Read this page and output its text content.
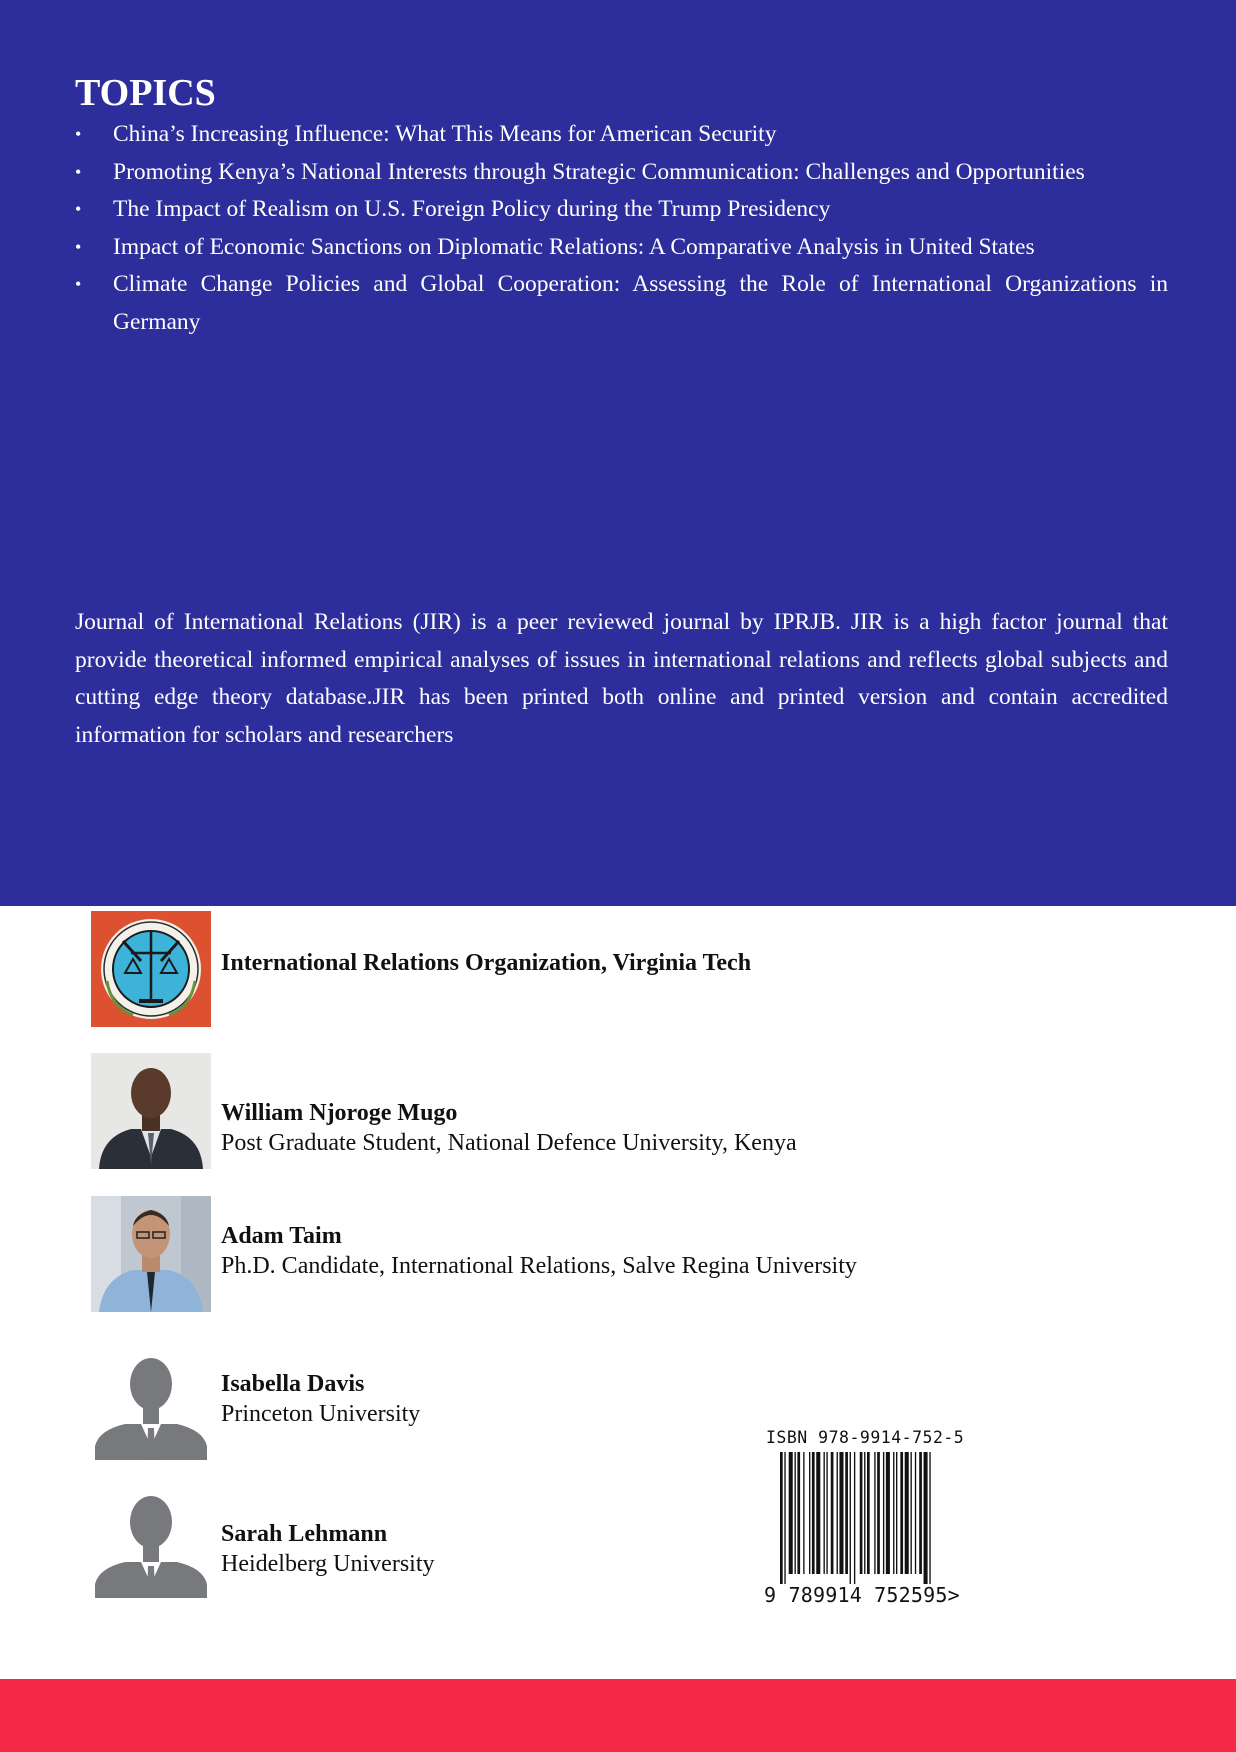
TOPICS
• China’s Increasing Influence: What This Means for American Security
• Promoting Kenya’s National Interests through Strategic Communication: Challenges and Opportunities
• The Impact of Realism on U.S. Foreign Policy during the Trump Presidency
• Impact of Economic Sanctions on Diplomatic Relations: A Comparative Analysis in United States
• Climate Change Policies and Global Cooperation: Assessing the Role of International Organizations in Germany

Journal of International Relations (JIR) is a peer reviewed journal by IPRJB. JIR is a high factor journal that provide theoretical informed empirical analyses of issues in international relations and reflects global subjects and cutting edge theory database.JIR has been printed both online and printed version and contain accredited information for scholars and researchers

International Relations Organization, Virginia Tech
William Njoroge Mugo
Post Graduate Student, National Defence University, Kenya
Adam Taim
Ph.D. Candidate, International Relations, Salve Regina University
Isabella Davis
Princeton University
Sarah Lehmann
Heidelberg University

ISBN 978-9914-752-5

9 789914 752595>
